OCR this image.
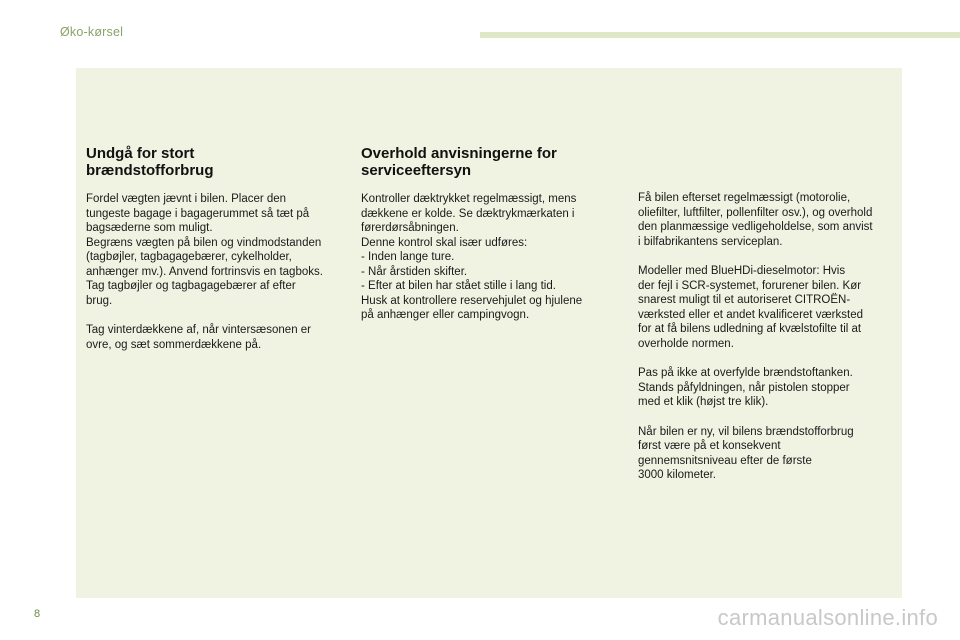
Øko-kørsel
Undgå for stort
brændstofforbrug

Fordel vægten jævnt i bilen. Placer den
tungeste bagage i bagagerummet så tæt på
bagsæderne som muligt.
Begræns vægten på bilen og vindmodstanden
(tagbøjler, tagbagagebærer, cykelholder,
anhænger mv.). Anvend fortrinsvis en tagboks.
Tag tagbøjler og tagbagagebærer af efter
brug.

Tag vinterdækkene af, når vintersæsonen er
ovre, og sæt sommerdækkene på.

Overhold anvisningerne for
serviceeftersyn

Kontroller dæktrykket regelmæssigt, mens
dækkene er kolde. Se dæktrykmærkaten i
førerdørsåbningen.
Denne kontrol skal især udføres:
- Inden lange ture.
- Når årstiden skifter.
- Efter at bilen har stået stille i lang tid.
Husk at kontrollere reservehjulet og hjulene
på anhænger eller campingvogn.

Få bilen efterset regelmæssigt (motorolie,
oliefilter, luftfilter, pollenfilter osv.), og overhold
den planmæssige vedligeholdelse, som anvist
i bilfabrikantens serviceplan.

Modeller med BlueHDi-dieselmotor: Hvis
der fejl i SCR-systemet, forurener bilen. Kør
snarest muligt til et autoriseret CITROËN-
værksted eller et andet kvalificeret værksted
for at få bilens udledning af kvælstofilte til at
overholde normen.

Pas på ikke at overfylde brændstoftanken.
Stands påfyldningen, når pistolen stopper
med et klik (højst tre klik).

Når bilen er ny, vil bilens brændstofforbrug
først være på et konsekvent
gennemsnitsniveau efter de første
3000 kilometer.

8	carmanualsonline.info
